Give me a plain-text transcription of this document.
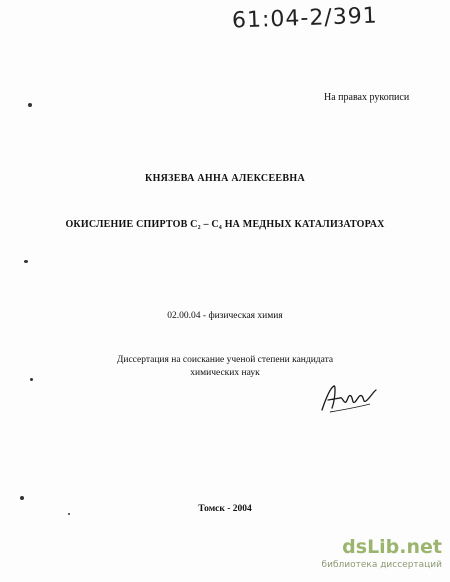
61:04-2/391
На правах рукописи
КНЯЗЕВА АННА АЛЕКСЕЕВНА
ОКИСЛЕНИЕ СПИРТОВ C₂ – C₄ НА МЕДНЫХ КАТАЛИЗАТОРАХ
02.00.04 - физическая химия
Диссертация на соискание ученой степени кандидата
химических наук
Томск - 2004
dsLib.net
библиотека диссертаций
